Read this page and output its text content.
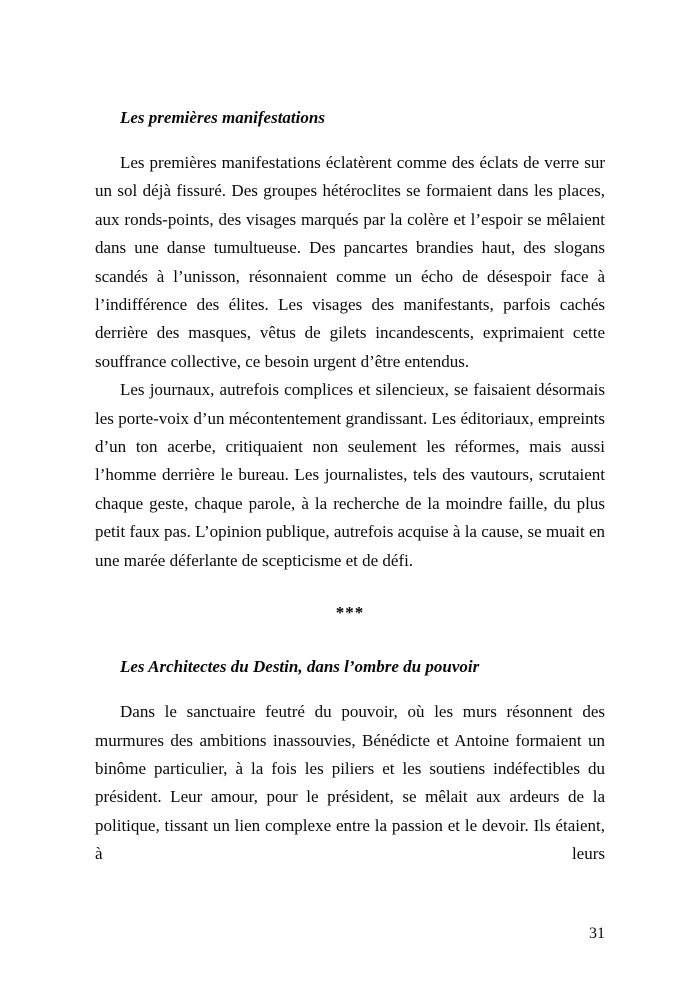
Les premières manifestations

Les premières manifestations éclatèrent comme des éclats de verre sur un sol déjà fissuré. Des groupes hétéroclites se formaient dans les places, aux ronds-points, des visages marqués par la colère et l’espoir se mêlaient dans une danse tumultueuse. Des pancartes brandies haut, des slogans scandés à l’unisson, résonnaient comme un écho de désespoir face à l’indifférence des élites. Les visages des manifestants, parfois cachés derrière des masques, vêtus de gilets incandescents, exprimaient cette souffrance collective, ce besoin urgent d’être entendus.

Les journaux, autrefois complices et silencieux, se faisaient désormais les porte-voix d’un mécontentement grandissant. Les éditoriaux, empreints d’un ton acerbe, critiquaient non seulement les réformes, mais aussi l’homme derrière le bureau. Les journalistes, tels des vautours, scrutaient chaque geste, chaque parole, à la recherche de la moindre faille, du plus petit faux pas. L’opinion publique, autrefois acquise à la cause, se muait en une marée déferlante de scepticisme et de défi.

***
Les Architectes du Destin, dans l’ombre du pouvoir

Dans le sanctuaire feutré du pouvoir, où les murs résonnent des murmures des ambitions inassouvies, Bénédicte et Antoine formaient un binôme particulier, à la fois les piliers et les soutiens indéfectibles du président. Leur amour, pour le président, se mêlait aux ardeurs de la politique, tissant un lien complexe entre la passion et le devoir. Ils étaient, à leurs

31
